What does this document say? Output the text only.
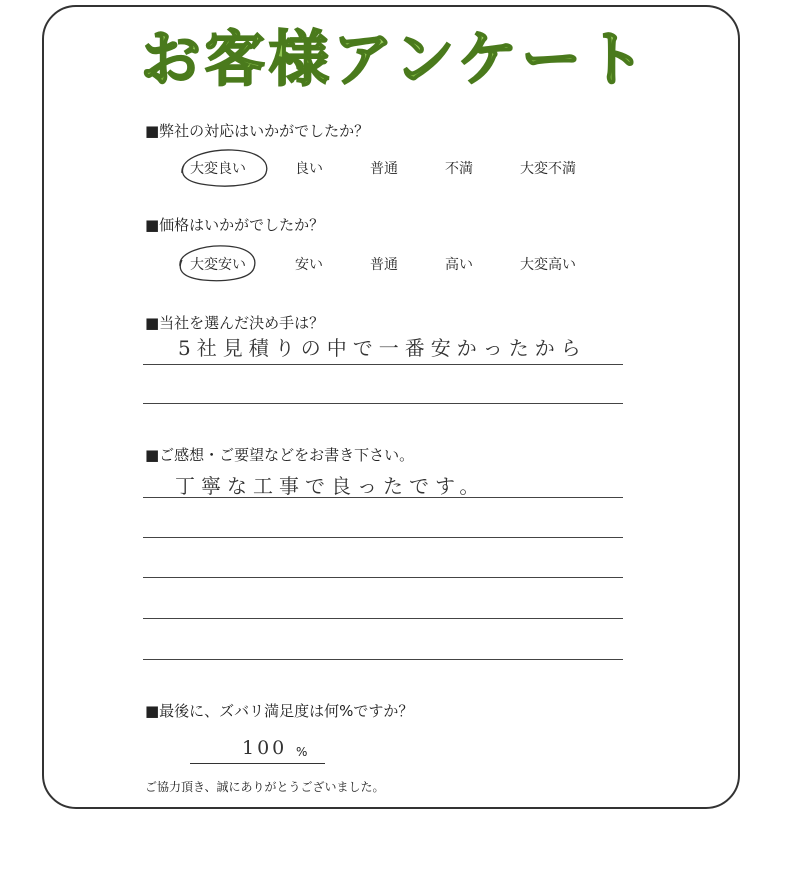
お客様アンケート
■弊社の対応はいかがでしたか？
大変良い	良い	普通	不満	大変不満
■価格はいかがでしたか？
大変安い	安い	普通	高い	大変高い
■当社を選んだ決め手は？
5社見積りの中で一番安かったから
■ご感想・ご要望などをお書き下さい。
丁寧な工事で良ったです。
■最後に、ズバリ満足度は何%ですか？
100 %
ご協力頂き、誠にありがとうございました。
